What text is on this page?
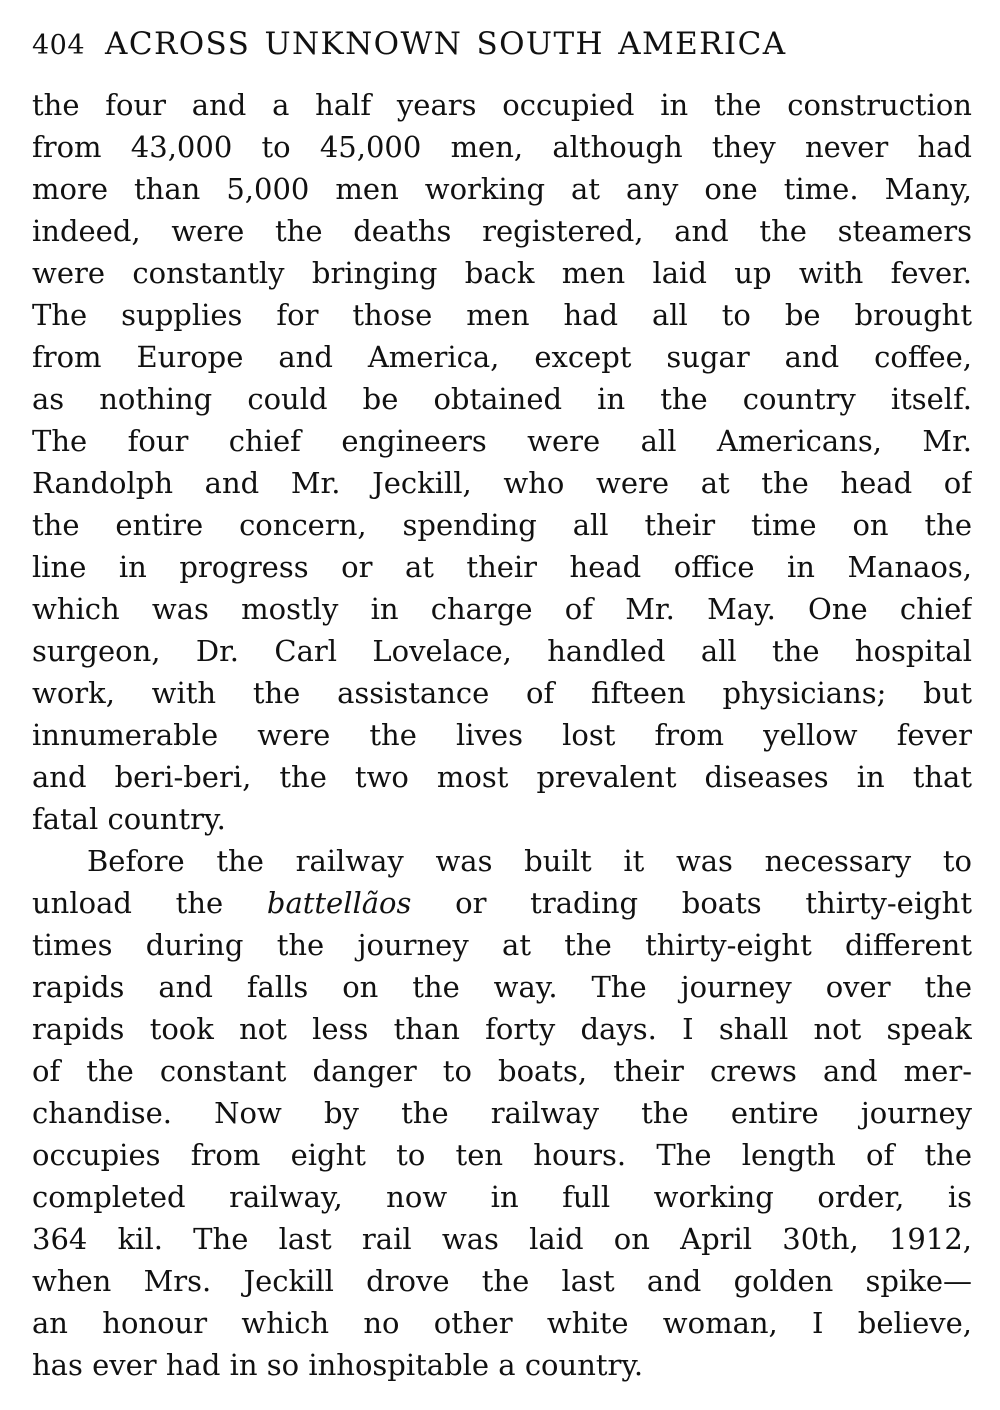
404 ACROSS UNKNOWN SOUTH AMERICA
the four and a half years occupied in the construction
from 43,000 to 45,000 men, although they never had
more than 5,000 men working at any one time. Many,
indeed, were the deaths registered, and the steamers
were constantly bringing back men laid up with fever.
The supplies for those men had all to be brought
from Europe and America, except sugar and coffee,
as nothing could be obtained in the country itself.
The four chief engineers were all Americans, Mr.
Randolph and Mr. Jeckill, who were at the head of
the entire concern, spending all their time on the
line in progress or at their head office in Manaos,
which was mostly in charge of Mr. May. One chief
surgeon, Dr. Carl Lovelace, handled all the hospital
work, with the assistance of fifteen physicians; but
innumerable were the lives lost from yellow fever
and beri-beri, the two most prevalent diseases in that
fatal country.
Before the railway was built it was necessary to
unload the battellãos or trading boats thirty-eight
times during the journey at the thirty-eight different
rapids and falls on the way. The journey over the
rapids took not less than forty days. I shall not speak
of the constant danger to boats, their crews and mer-
chandise. Now by the railway the entire journey
occupies from eight to ten hours. The length of the
completed railway, now in full working order, is
364 kil. The last rail was laid on April 30th, 1912,
when Mrs. Jeckill drove the last and golden spike—
an honour which no other white woman, I believe,
has ever had in so inhospitable a country.
